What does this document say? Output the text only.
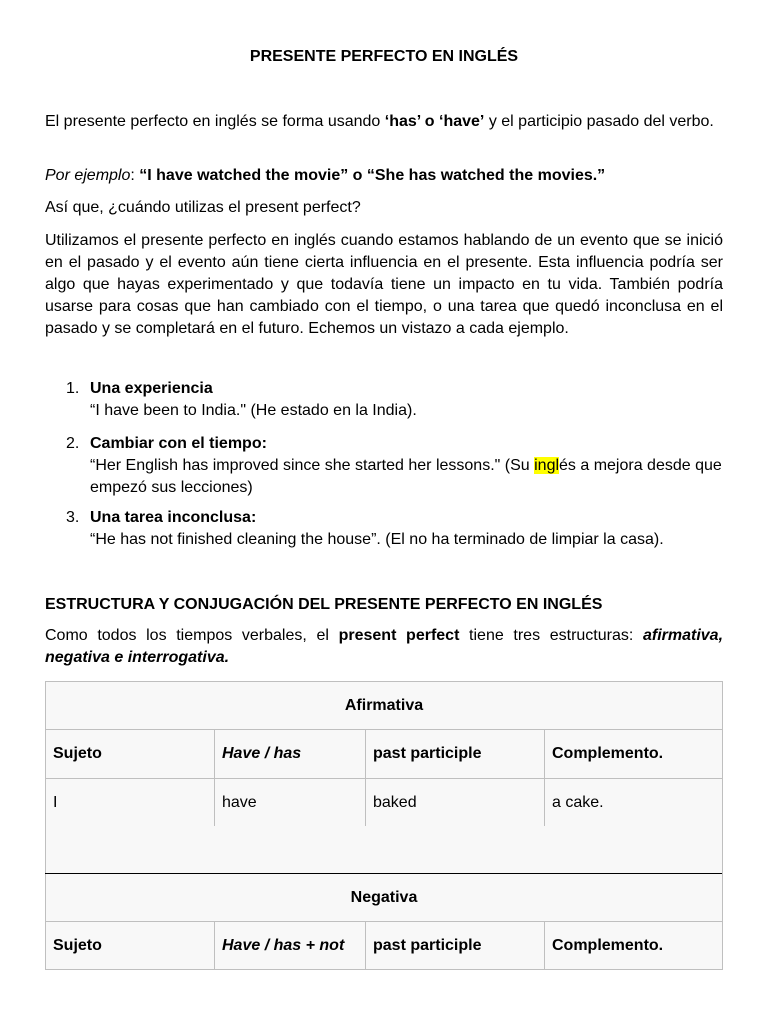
PRESENTE PERFECTO EN INGLÉS

El presente perfecto en inglés se forma usando ‘has’ o ‘have’ y el participio pasado del verbo.

Por ejemplo: “I have watched the movie” o “She has watched the movies.”

Así que, ¿cuándo utilizas el present perfect?

Utilizamos el presente perfecto en inglés cuando estamos hablando de un evento que se inició en el pasado y el evento aún tiene cierta influencia en el presente. Esta influencia podría ser algo que hayas experimentado y que todavía tiene un impacto en tu vida. También podría usarse para cosas que han cambiado con el tiempo, o una tarea que quedó inconclusa en el pasado y se completará en el futuro. Echemos un vistazo a cada ejemplo.

1. Una experiencia
“I have been to India." (He estado en la India).
2. Cambiar con el tiempo:
“Her English has improved since she started her lessons." (Su inglés a mejora desde que empezó sus lecciones)
3. Una tarea inconclusa:
“He has not finished cleaning the house”. (El no ha terminado de limpiar la casa).
ESTRUCTURA Y CONJUGACIÓN DEL PRESENTE PERFECTO EN INGLÉS

Como todos los tiempos verbales, el present perfect tiene tres estructuras: afirmativa, negativa e interrogativa.

Afirmativa			
Sujeto	Have / has	past participle	Complemento.
I	have	baked	a cake.
Negativa
Sujeto	Have / has + not	past participle	Complemento.
